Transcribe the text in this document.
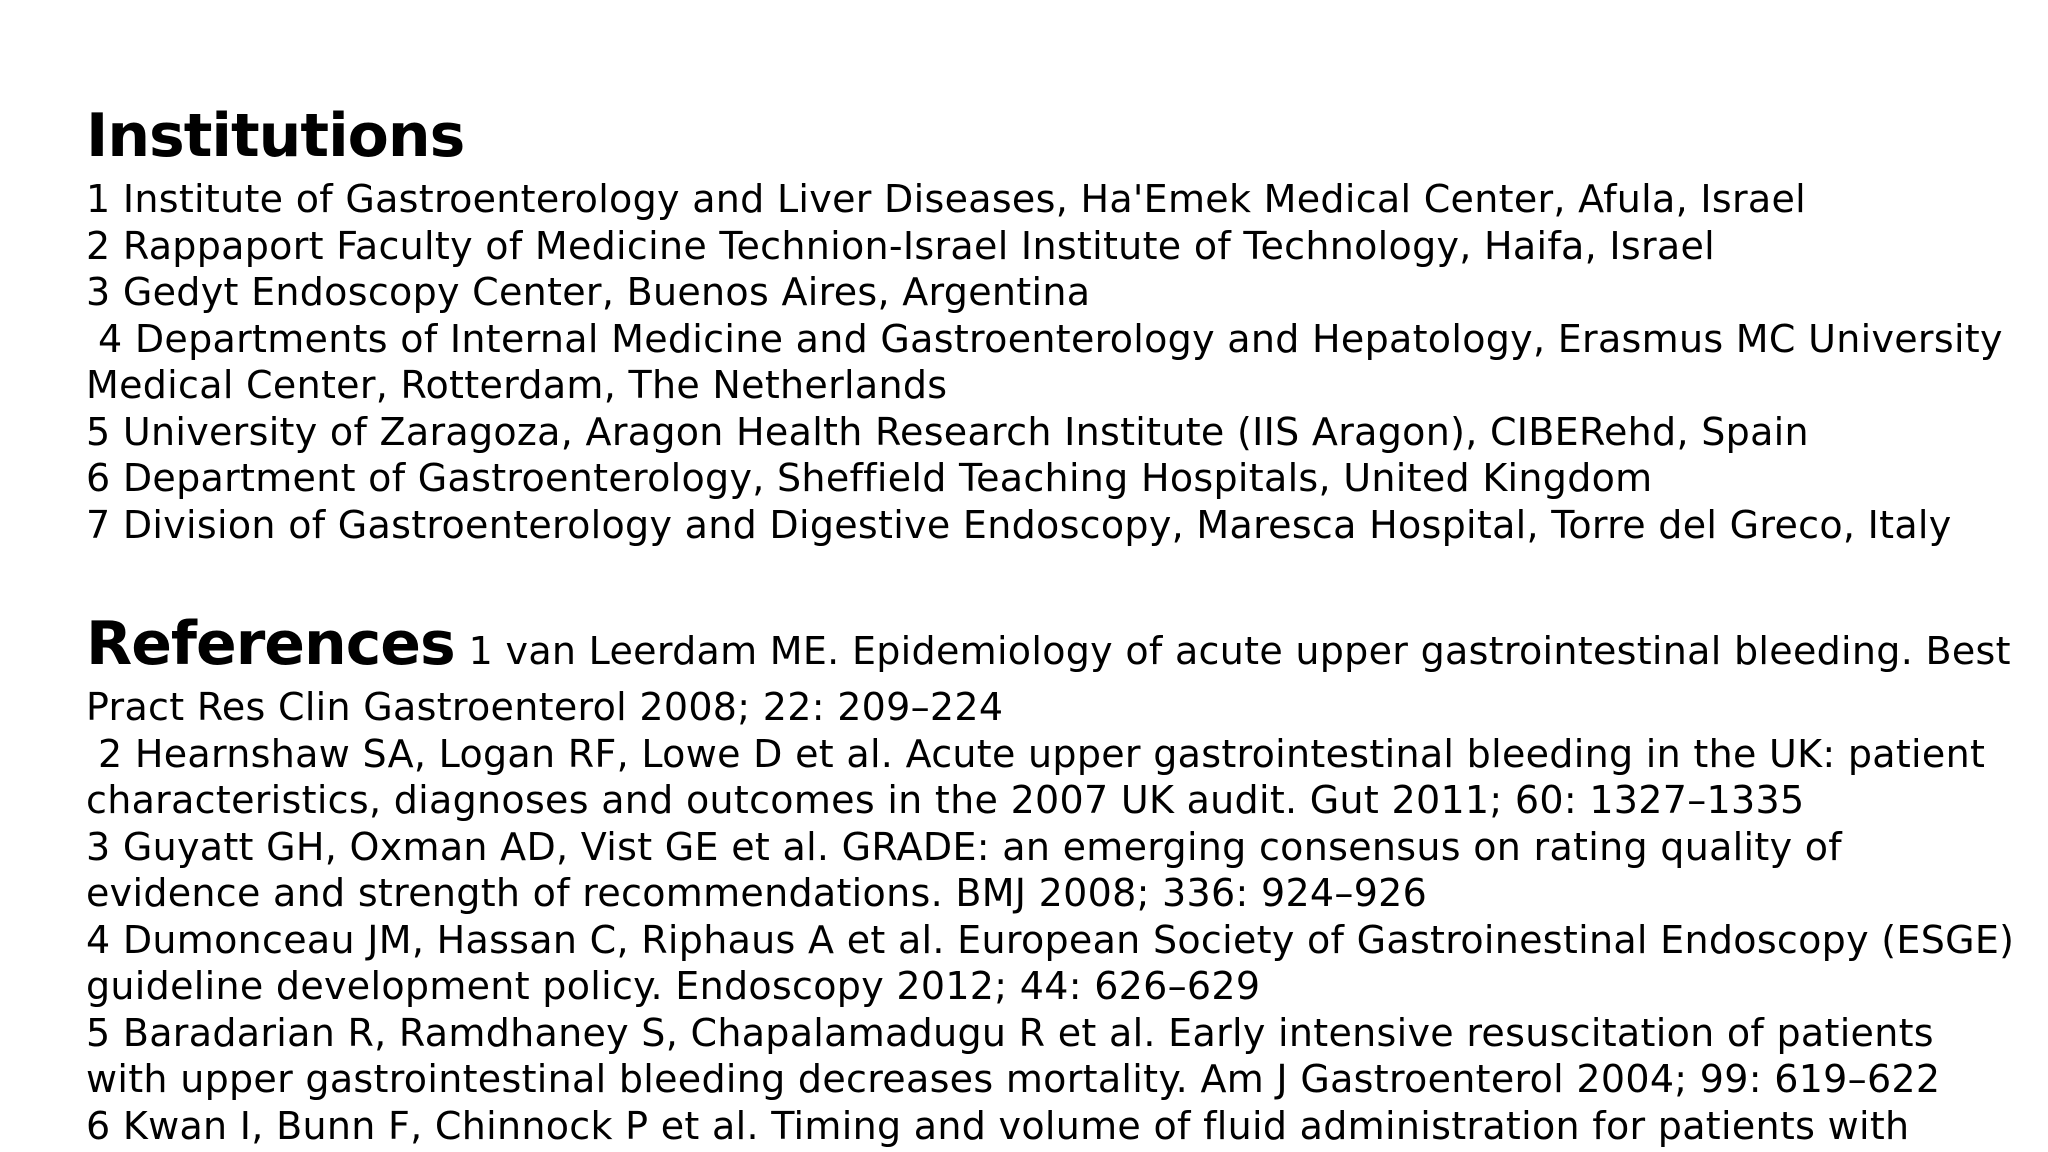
Institutions
1 Institute of Gastroenterology and Liver Diseases, Ha'Emek Medical Center, Afula, Israel
2 Rappaport Faculty of Medicine Technion-Israel Institute of Technology, Haifa, Israel
3 Gedyt Endoscopy Center, Buenos Aires, Argentina
4 Departments of Internal Medicine and Gastroenterology and Hepatology, Erasmus MC University
Medical Center, Rotterdam, The Netherlands
5 University of Zaragoza, Aragon Health Research Institute (IIS Aragon), CIBERehd, Spain
6 Department of Gastroenterology, Sheffield Teaching Hospitals, United Kingdom
7 Division of Gastroenterology and Digestive Endoscopy, Maresca Hospital, Torre del Greco, Italy
References 1 van Leerdam ME. Epidemiology of acute upper gastrointestinal bleeding. Best
Pract Res Clin Gastroenterol 2008; 22: 209–224
2 Hearnshaw SA, Logan RF, Lowe D et al. Acute upper gastrointestinal bleeding in the UK: patient
characteristics, diagnoses and outcomes in the 2007 UK audit. Gut 2011; 60: 1327–1335
3 Guyatt GH, Oxman AD, Vist GE et al. GRADE: an emerging consensus on rating quality of
evidence and strength of recommendations. BMJ 2008; 336: 924–926
4 Dumonceau JM, Hassan C, Riphaus A et al. European Society of Gastroinestinal Endoscopy (ESGE)
guideline development policy. Endoscopy 2012; 44: 626–629
5 Baradarian R, Ramdhaney S, Chapalamadugu R et al. Early intensive resuscitation of patients
with upper gastrointestinal bleeding decreases mortality. Am J Gastroenterol 2004; 99: 619–622
6 Kwan I, Bunn F, Chinnock P et al. Timing and volume of fluid administration for patients with
